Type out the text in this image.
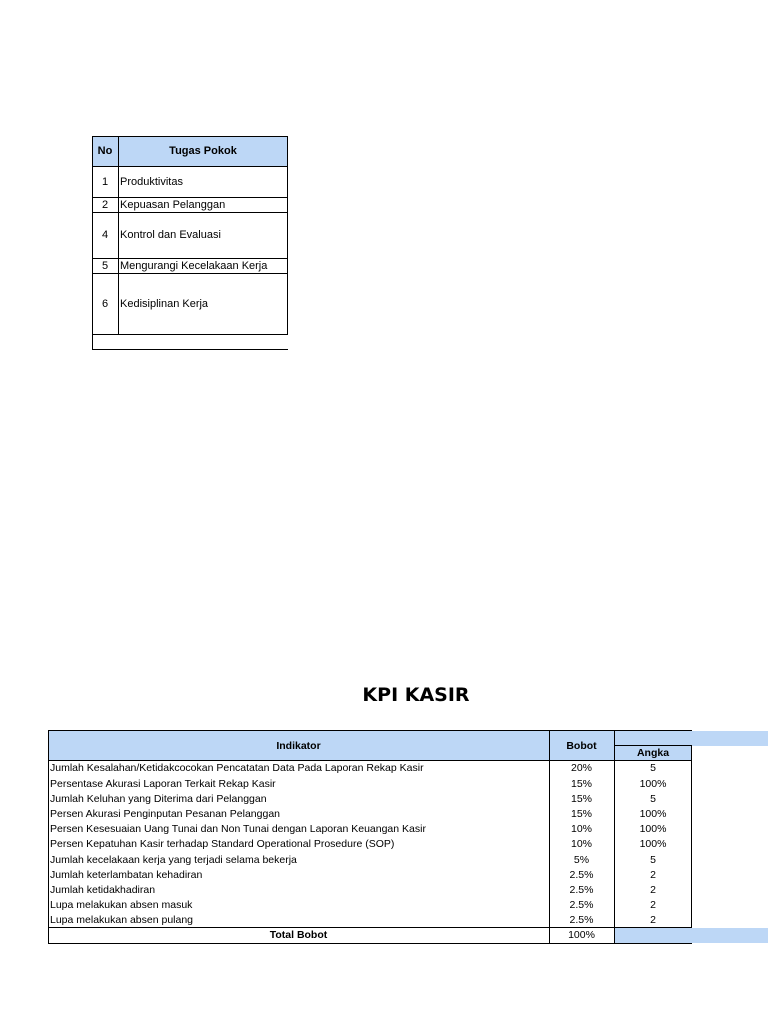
No	Tugas Pokok
1	Produktivitas
2	Kepuasan Pelanggan
4	Kontrol dan Evaluasi
5	Mengurangi Kecelakaan Kerja
6	Kedisiplinan Kerja
KPI KASIR
Indikator	Bobot
Angka
Jumlah Kesalahan/Ketidakcocokan Pencatatan Data Pada Laporan Rekap Kasir	20%	5
Persentase Akurasi Laporan Terkait Rekap Kasir	15%	100%
Jumlah Keluhan yang Diterima dari Pelanggan	15%	5
Persen Akurasi Penginputan Pesanan Pelanggan	15%	100%
Persen Kesesuaian Uang Tunai dan Non Tunai dengan Laporan Keuangan Kasir	10%	100%
Persen Kepatuhan Kasir terhadap Standard Operational Prosedure (SOP)	10%	100%
Jumlah kecelakaan kerja yang terjadi selama bekerja	5%	5
Jumlah keterlambatan kehadiran	2.5%	2
Jumlah ketidakhadiran	2.5%	2
Lupa melakukan absen masuk	2.5%	2
Lupa melakukan absen pulang	2.5%	2
Total Bobot	100%
